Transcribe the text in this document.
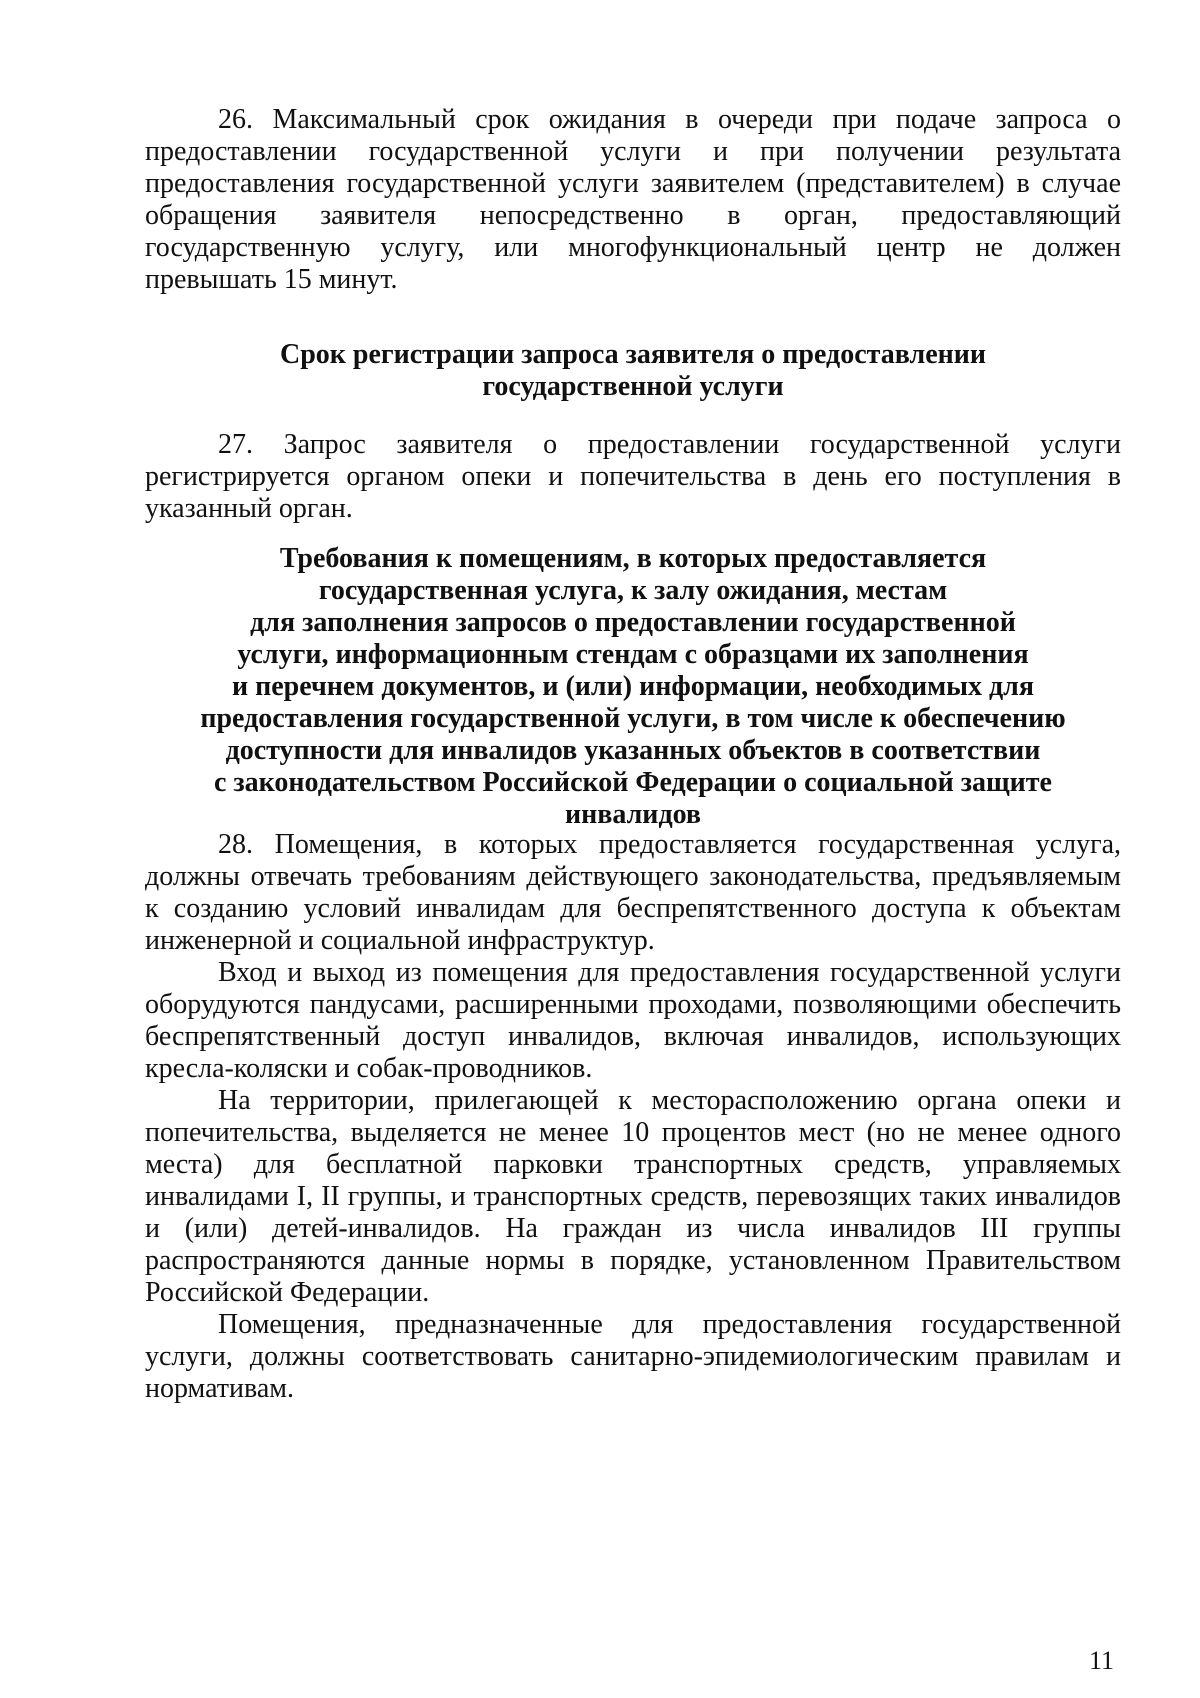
26. Максимальный срок ожидания в очереди при подаче запроса о предоставлении государственной услуги и при получении результата предоставления государственной услуги заявителем (представителем) в случае обращения заявителя непосредственно в орган, предоставляющий государственную услугу, или многофункциональный центр не должен превышать 15 минут.

Срок регистрации запроса заявителя о предоставлении
государственной услуги

27. Запрос заявителя о предоставлении государственной услуги регистрируется органом опеки и попечительства в день его поступления в указанный орган.

Требования к помещениям, в которых предоставляется
государственная услуга, к залу ожидания, местам
для заполнения запросов о предоставлении государственной
услуги, информационным стендам с образцами их заполнения
и перечнем документов, и (или) информации, необходимых для
предоставления государственной услуги, в том числе к обеспечению
доступности для инвалидов указанных объектов в соответствии
с законодательством Российской Федерации о социальной защите
инвалидов

28. Помещения, в которых предоставляется государственная услуга, должны отвечать требованиям действующего законодательства, предъявляемым к созданию условий инвалидам для беспрепятственного доступа к объектам инженерной и социальной инфраструктур.

Вход и выход из помещения для предоставления государственной услуги оборудуются пандусами, расширенными проходами, позволяющими обеспечить беспрепятственный доступ инвалидов, включая инвалидов, использующих кресла-коляски и собак-проводников.

На территории, прилегающей к месторасположению органа опеки и попечительства, выделяется не менее 10 процентов мест (но не менее одного места) для бесплатной парковки транспортных средств, управляемых инвалидами I, II группы, и транспортных средств, перевозящих таких инвалидов и (или) детей-инвалидов. На граждан из числа инвалидов III группы распространяются данные нормы в порядке, установленном Правительством Российской Федерации.

Помещения, предназначенные для предоставления государственной услуги, должны соответствовать санитарно-эпидемиологическим правилам и нормативам.

11
